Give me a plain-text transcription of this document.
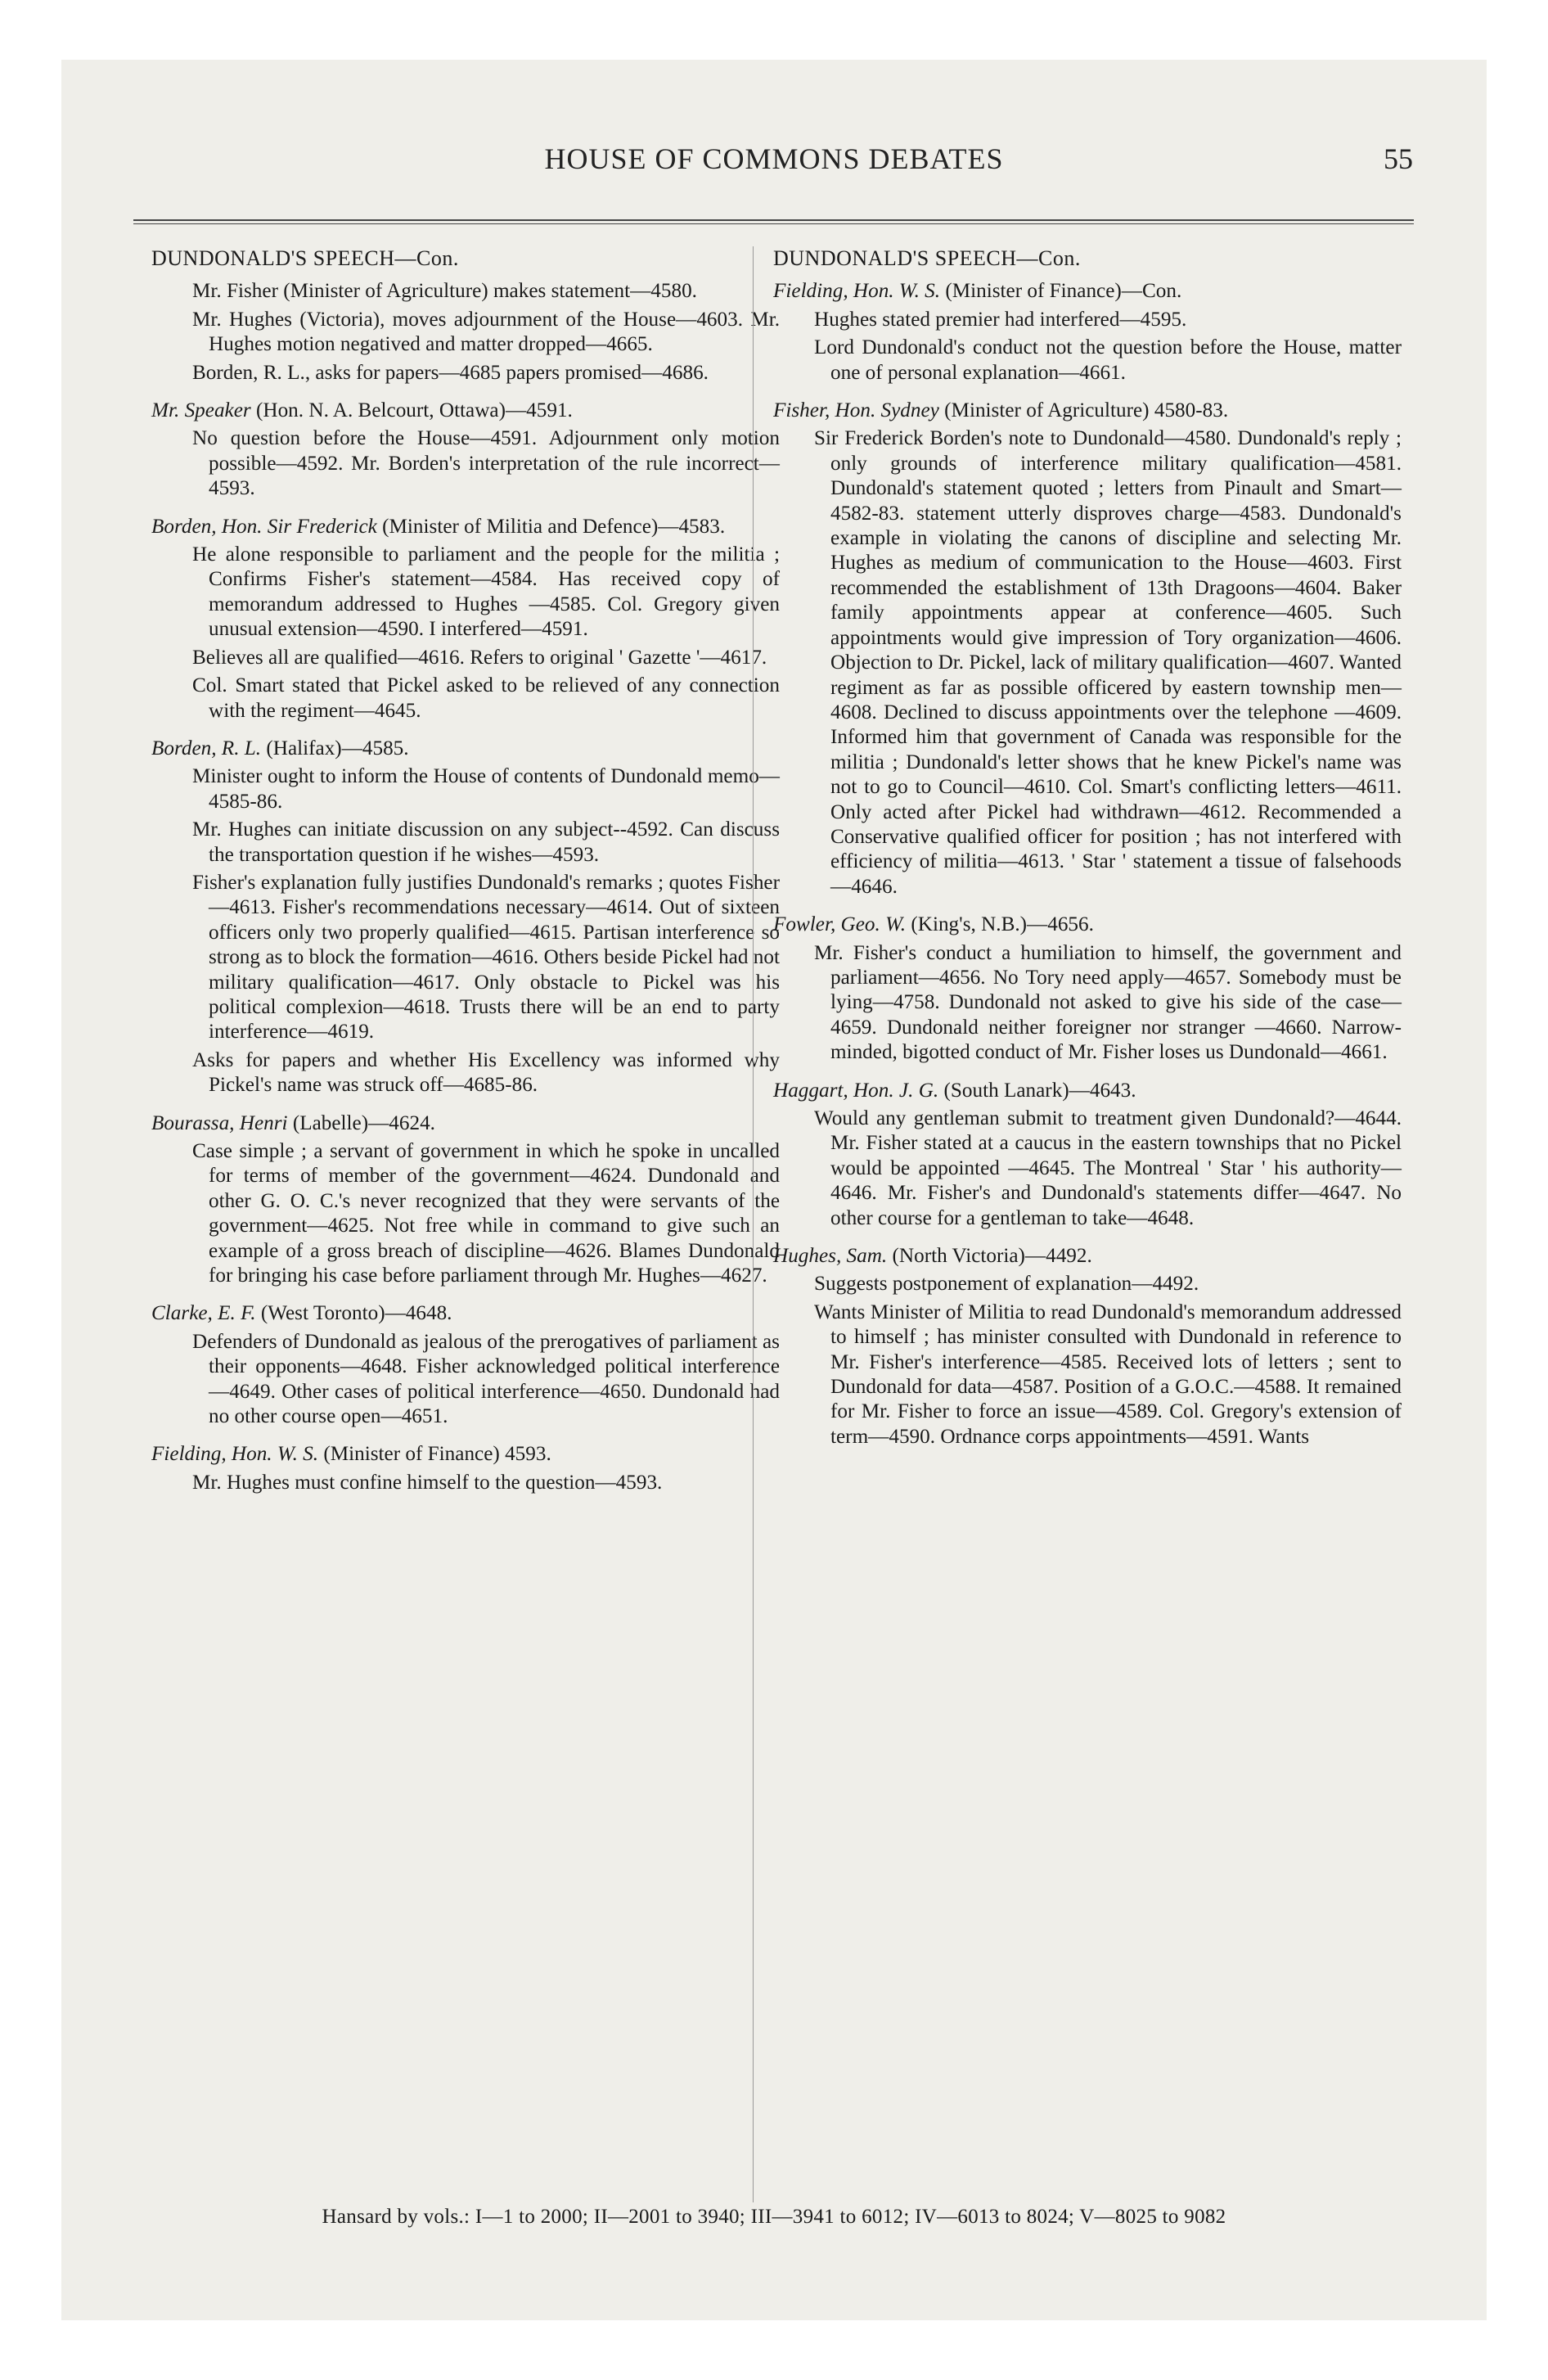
HOUSE OF COMMONS DEBATES	55
DUNDONALD'S SPEECH—Con.
Mr. Fisher (Minister of Agriculture) makes statement—4580.
Mr. Hughes (Victoria), moves adjournment of the House—4603. Mr. Hughes motion negatived and matter dropped—4665.
Borden, R. L., asks for papers—4685 papers promised—4686.
Mr. Speaker (Hon. N. A. Belcourt, Ottawa)—4591.
No question before the House—4591. Adjournment only motion possible—4592. Mr. Borden's interpretation of the rule incorrect—4593.
Borden, Hon. Sir Frederick (Minister of Militia and Defence)—4583.
He alone responsible to parliament and the people for the militia ; Confirms Fisher's statement—4584. Has received copy of memorandum addressed to Hughes —4585. Col. Gregory given unusual extension—4590. I interfered—4591.
Believes all are qualified—4616. Refers to original ' Gazette '—4617.
Col. Smart stated that Pickel asked to be relieved of any connection with the regiment—4645.
Borden, R. L. (Halifax)—4585.
Minister ought to inform the House of contents of Dundonald memo—4585-86.
Mr. Hughes can initiate discussion on any subject--4592. Can discuss the transportation question if he wishes—4593.
Fisher's explanation fully justifies Dundonald's remarks ; quotes Fisher—4613. Fisher's recommendations necessary—4614. Out of sixteen officers only two properly qualified—4615. Partisan interference so strong as to block the formation—4616. Others beside Pickel had not military qualification—4617. Only obstacle to Pickel was his political complexion—4618. Trusts there will be an end to party interference—4619.
Asks for papers and whether His Excellency was informed why Pickel's name was struck off—4685-86.
Bourassa, Henri (Labelle)—4624.
Case simple ; a servant of government in which he spoke in uncalled for terms of member of the government—4624. Dundonald and other G. O. C.'s never recognized that they were servants of the government—4625. Not free while in command to give such an example of a gross breach of discipline—4626. Blames Dundonald for bringing his case before parliament through Mr. Hughes—4627.
Clarke, E. F. (West Toronto)—4648.
Defenders of Dundonald as jealous of the prerogatives of parliament as their opponents—4648. Fisher acknowledged political interference—4649. Other cases of political interference—4650. Dundonald had no other course open—4651.
Fielding, Hon. W. S. (Minister of Finance) 4593.
Mr. Hughes must confine himself to the question—4593.
DUNDONALD'S SPEECH—Con.
Fielding, Hon. W. S. (Minister of Finance)—Con.
Hughes stated premier had interfered—4595.
Lord Dundonald's conduct not the question before the House, matter one of personal explanation—4661.
Fisher, Hon. Sydney (Minister of Agriculture) 4580-83.
Sir Frederick Borden's note to Dundonald—4580. Dundonald's reply ; only grounds of interference military qualification—4581. Dundonald's statement quoted ; letters from Pinault and Smart—4582-83. statement utterly disproves charge—4583. Dundonald's example in violating the canons of discipline and selecting Mr. Hughes as medium of communication to the House—4603. First recommended the establishment of 13th Dragoons—4604. Baker family appointments appear at conference—4605. Such appointments would give impression of Tory organization—4606. Objection to Dr. Pickel, lack of military qualification—4607. Wanted regiment as far as possible officered by eastern township men—4608. Declined to discuss appointments over the telephone —4609. Informed him that government of Canada was responsible for the militia ; Dundonald's letter shows that he knew Pickel's name was not to go to Council—4610. Col. Smart's conflicting letters—4611. Only acted after Pickel had withdrawn—4612. Recommended a Conservative qualified officer for position ; has not interfered with efficiency of militia—4613. ' Star ' statement a tissue of falsehoods—4646.
Fowler, Geo. W. (King's, N.B.)—4656.
Mr. Fisher's conduct a humiliation to himself, the government and parliament—4656. No Tory need apply—4657. Somebody must be lying—4758. Dundonald not asked to give his side of the case—4659. Dundonald neither foreigner nor stranger —4660. Narrow-minded, bigotted conduct of Mr. Fisher loses us Dundonald—4661.
Haggart, Hon. J. G. (South Lanark)—4643.
Would any gentleman submit to treatment given Dundonald?—4644. Mr. Fisher stated at a caucus in the eastern townships that no Pickel would be appointed —4645. The Montreal ' Star ' his authority—4646. Mr. Fisher's and Dundonald's statements differ—4647. No other course for a gentleman to take—4648.
Hughes, Sam. (North Victoria)—4492.
Suggests postponement of explanation—4492.
Wants Minister of Militia to read Dundonald's memorandum addressed to himself ; has minister consulted with Dundonald in reference to Mr. Fisher's interference—4585. Received lots of letters ; sent to Dundonald for data—4587. Position of a G.O.C.—4588. It remained for Mr. Fisher to force an issue—4589. Col. Gregory's extension of term—4590. Ordnance corps appointments—4591. Wants
Hansard by vols.: I—1 to 2000; II—2001 to 3940; III—3941 to 6012; IV—6013 to 8024; V—8025 to 9082
